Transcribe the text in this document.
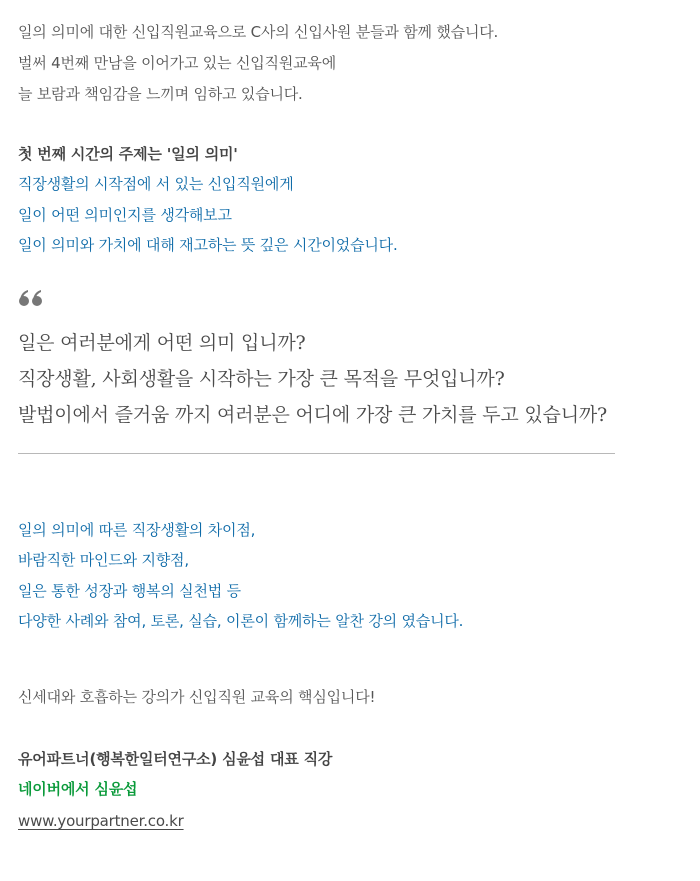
일의 의미에 대한 신입직원교육으로 C사의 신입사원 분들과 함께 했습니다.
벌써 4번째 만남을 이어가고 있는 신입직원교육에
늘 보람과 책임감을 느끼며 임하고 있습니다.
첫 번째 시간의 주제는 '일의 의미'
직장생활의 시작점에 서 있는 신입직원에게
일이 어떤 의미인지를 생각해보고
일이 의미와 가치에 대해 재고하는 뜻 깊은 시간이었습니다.
일은 여러분에게 어떤 의미 입니까?
직장생활, 사회생활을 시작하는 가장 큰 목적을 무엇입니까?
발법이에서 즐거움 까지 여러분은 어디에 가장 큰 가치를 두고 있습니까?
일의 의미에 따른 직장생활의 차이점,
바람직한 마인드와 지향점,
일은 통한 성장과 행복의 실천법 등
다양한 사례와 참여, 토론, 실습, 이론이 함께하는 알찬 강의 였습니다.
신세대와 호흡하는 강의가 신입직원 교육의 핵심입니다!
유어파트너(행복한일터연구소) 심윤섭 대표 직강
네이버에서 심윤섭
www.yourpartner.co.kr
